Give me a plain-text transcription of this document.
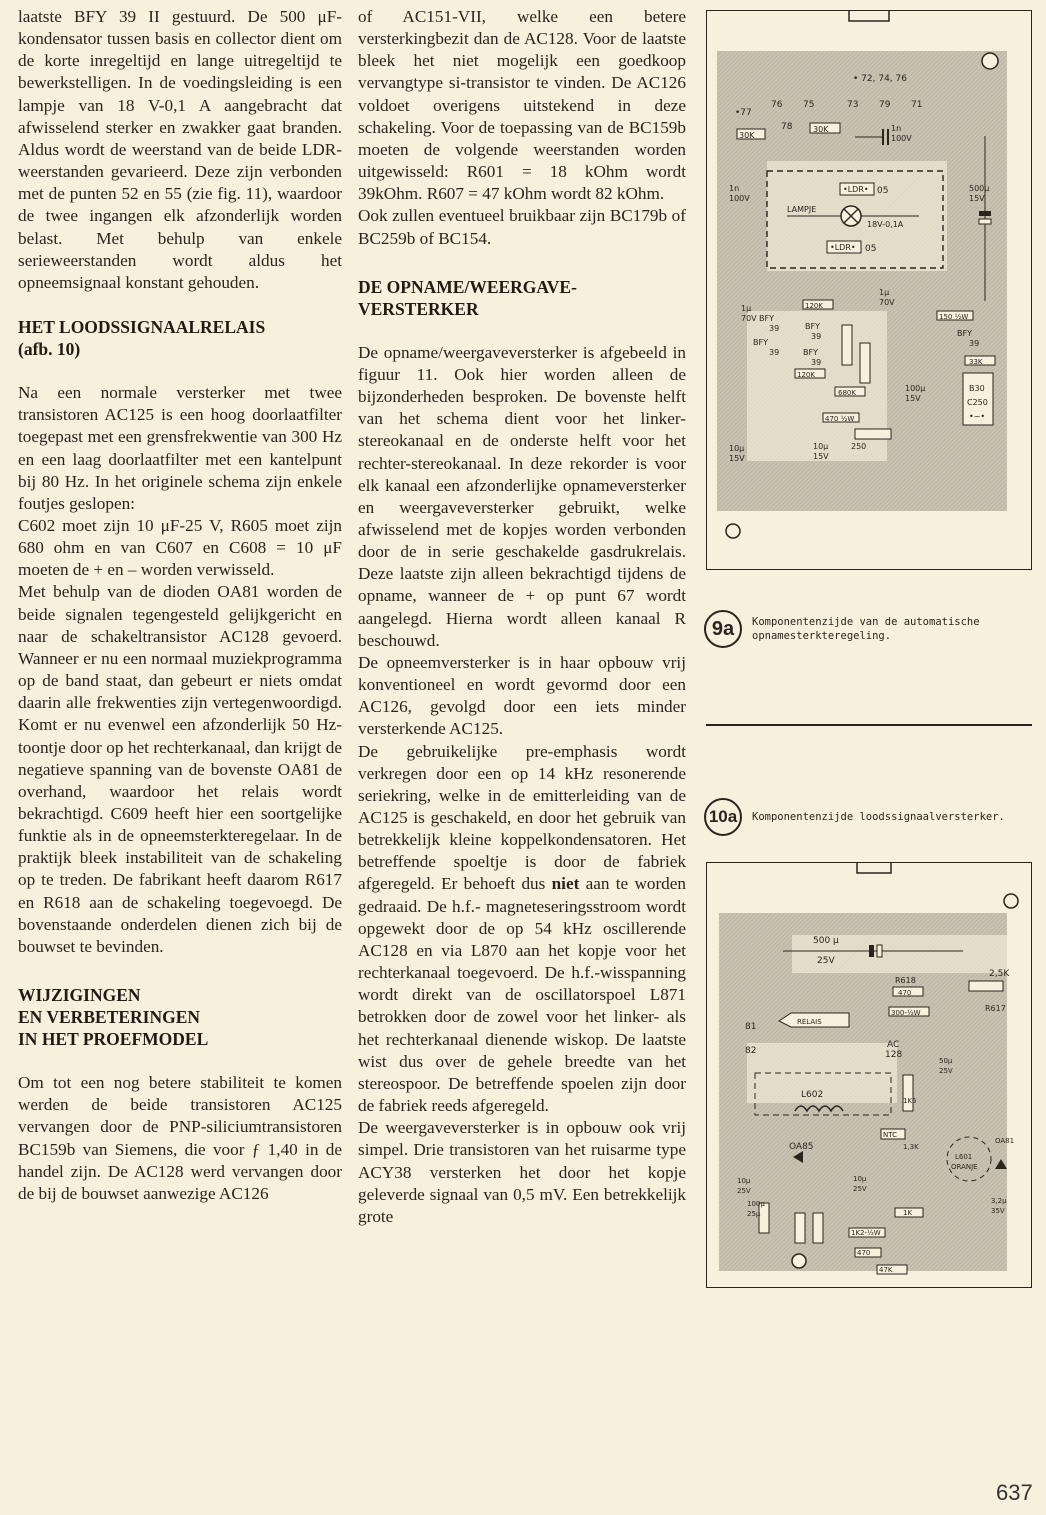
laatste BFY 39 II gestuurd. De 500 μF-kondensator tussen basis en collector dient om de korte inregeltijd en lange uitregeltijd te bewerkstelligen. In de voedingsleiding is een lampje van 18 V-0,1 A aangebracht dat afwisselend sterker en zwakker gaat branden. Aldus wordt de weerstand van de beide LDR-weerstanden gevarieerd. Deze zijn verbonden met de punten 52 en 55 (zie fig. 11), waardoor de twee ingangen elk afzonderlijk worden belast. Met behulp van enkele serieweerstanden wordt aldus het opneemsignaal konstant gehouden.

HET LOODSSIGNAALRELAIS
(afb. 10)

Na een normale versterker met twee transistoren AC125 is een hoog doorlaatfilter toegepast met een grensfrekwentie van 300 Hz en een laag doorlaatfilter met een kantelpunt bij 80 Hz. In het originele schema zijn enkele foutjes geslopen:

C602 moet zijn 10 μF-25 V, R605 moet zijn 680 ohm en van C607 en C608 = 10 μF moeten de + en – worden verwisseld.

Met behulp van de dioden OA81 worden de beide signalen tegengesteld gelijkgericht en naar de schakeltransistor AC128 gevoerd. Wanneer er nu een normaal muziekprogramma op de band staat, dan gebeurt er niets omdat daarin alle frekwenties zijn vertegenwoordigd. Komt er nu evenwel een afzonderlijk 50 Hz-toontje door op het rechterkanaal, dan krijgt de negatieve spanning van de bovenste OA81 de overhand, waardoor het relais wordt bekrachtigd. C609 heeft hier een soortgelijke funktie als in de opneemsterkteregelaar. In de praktijk bleek instabiliteit van de schakeling op te treden. De fabrikant heeft daarom R617 en R618 aan de schakeling toegevoegd. De bovenstaande onderdelen dienen zich bij de bouwset te bevinden.

WIJZIGINGEN
EN VERBETERINGEN
IN HET PROEFMODEL

Om tot een nog betere stabiliteit te komen werden de beide transistoren AC125 vervangen door de PNP-siliciumtransistoren BC159b van Siemens, die voor ƒ 1,40 in de handel zijn. De AC128 werd vervangen door de bij de bouwset aanwezige AC126

of AC151-VII, welke een betere versterkingbezit dan de AC128. Voor de laatste bleek het niet mogelijk een goedkoop vervangtype si-transistor te vinden. De AC126 voldoet overigens uitstekend in deze schakeling. Voor de toepassing van de BC159b moeten de volgende weerstanden worden uitgewisseld: R601 = 18 kOhm wordt 39kOhm. R607 = 47 kOhm wordt 82 kOhm.

Ook zullen eventueel bruikbaar zijn BC179b of BC259b of BC154.

DE OPNAME/WEERGAVE-
VERSTERKER

De opname/weergaveversterker is afgebeeld in figuur 11. Ook hier worden alleen de bijzonderheden besproken. De bovenste helft van het schema dient voor het linker-stereokanaal en de onderste helft voor het rechter-stereokanaal. In deze rekorder is voor elk kanaal een afzonderlijke opnameversterker en weergaveversterker gebruikt, welke afwisselend met de kopjes worden verbonden door de in serie geschakelde gasdrukrelais. Deze laatste zijn alleen bekrachtigd tijdens de opname, wanneer de + op punt 67 wordt aangelegd. Hierna wordt alleen kanaal R beschouwd.

De opneemversterker is in haar opbouw vrij konventioneel en wordt gevormd door een AC126, gevolgd door een iets minder versterkende AC125.

De gebruikelijke pre-emphasis wordt verkregen door een op 14 kHz resonerende seriekring, welke in de emitterleiding van de AC125 is geschakeld, en door het gebruik van betrekkelijk kleine koppelkondensatoren. Het betreffende spoeltje is door de fabriek afgeregeld. Er behoeft dus niet aan te worden gedraaid. De h.f.- magneteseringsstroom wordt opgewekt door de op 54 kHz oscillerende AC128 en via L870 aan het kopje voor het rechterkanaal toegevoerd. De h.f.-wisspanning wordt direkt van de oscillatorspoel L871 betrokken door de zowel voor het linker- als het rechterkanaal dienende wiskop. De laatste wist dus over de gehele breedte van het stereospoor. De betreffende spoelen zijn door de fabriek reeds afgeregeld.

De weergaveversterker is in opbouw ook vrij simpel. Drie transistoren van het ruisarme type ACY38 versterken het door het kopje geleverde signaal van 0,5 mV. Een betrekkelijk grote

• 72, 74, 76
•77
76 75
78
73 79 71
30K
30K	1n
100V
•LDR• 05
•LDR• 05
LAMPJE
18V-0,1A
500μ
15V
1n
100V
120K
120K
680K
470 ½W
150 ½W
33K
B30
C250
•~•
BFY
39	BFY
39
BFY
39	BFY
39
BFY
39
250
10μ
15V
10μ
15V
100μ
15V
1μ
70V
1μ
70V
9a	Komponentenzijde van de automatische
opnamesterkteregeling.
10a	Komponentenzijde loodssignaalversterker.
500 μ
25V
R618
470
2,5K
R617
300-½W
RELAIS
81
82
AC
128
50μ
25V
L602
1K5
NTC
1,3K
OA85
OA81
L601
ORANJE
10μ
25V
10μ
25V
100μ
25μ	1K
1K2-½W
470
47K
3,2μ
35V
637
